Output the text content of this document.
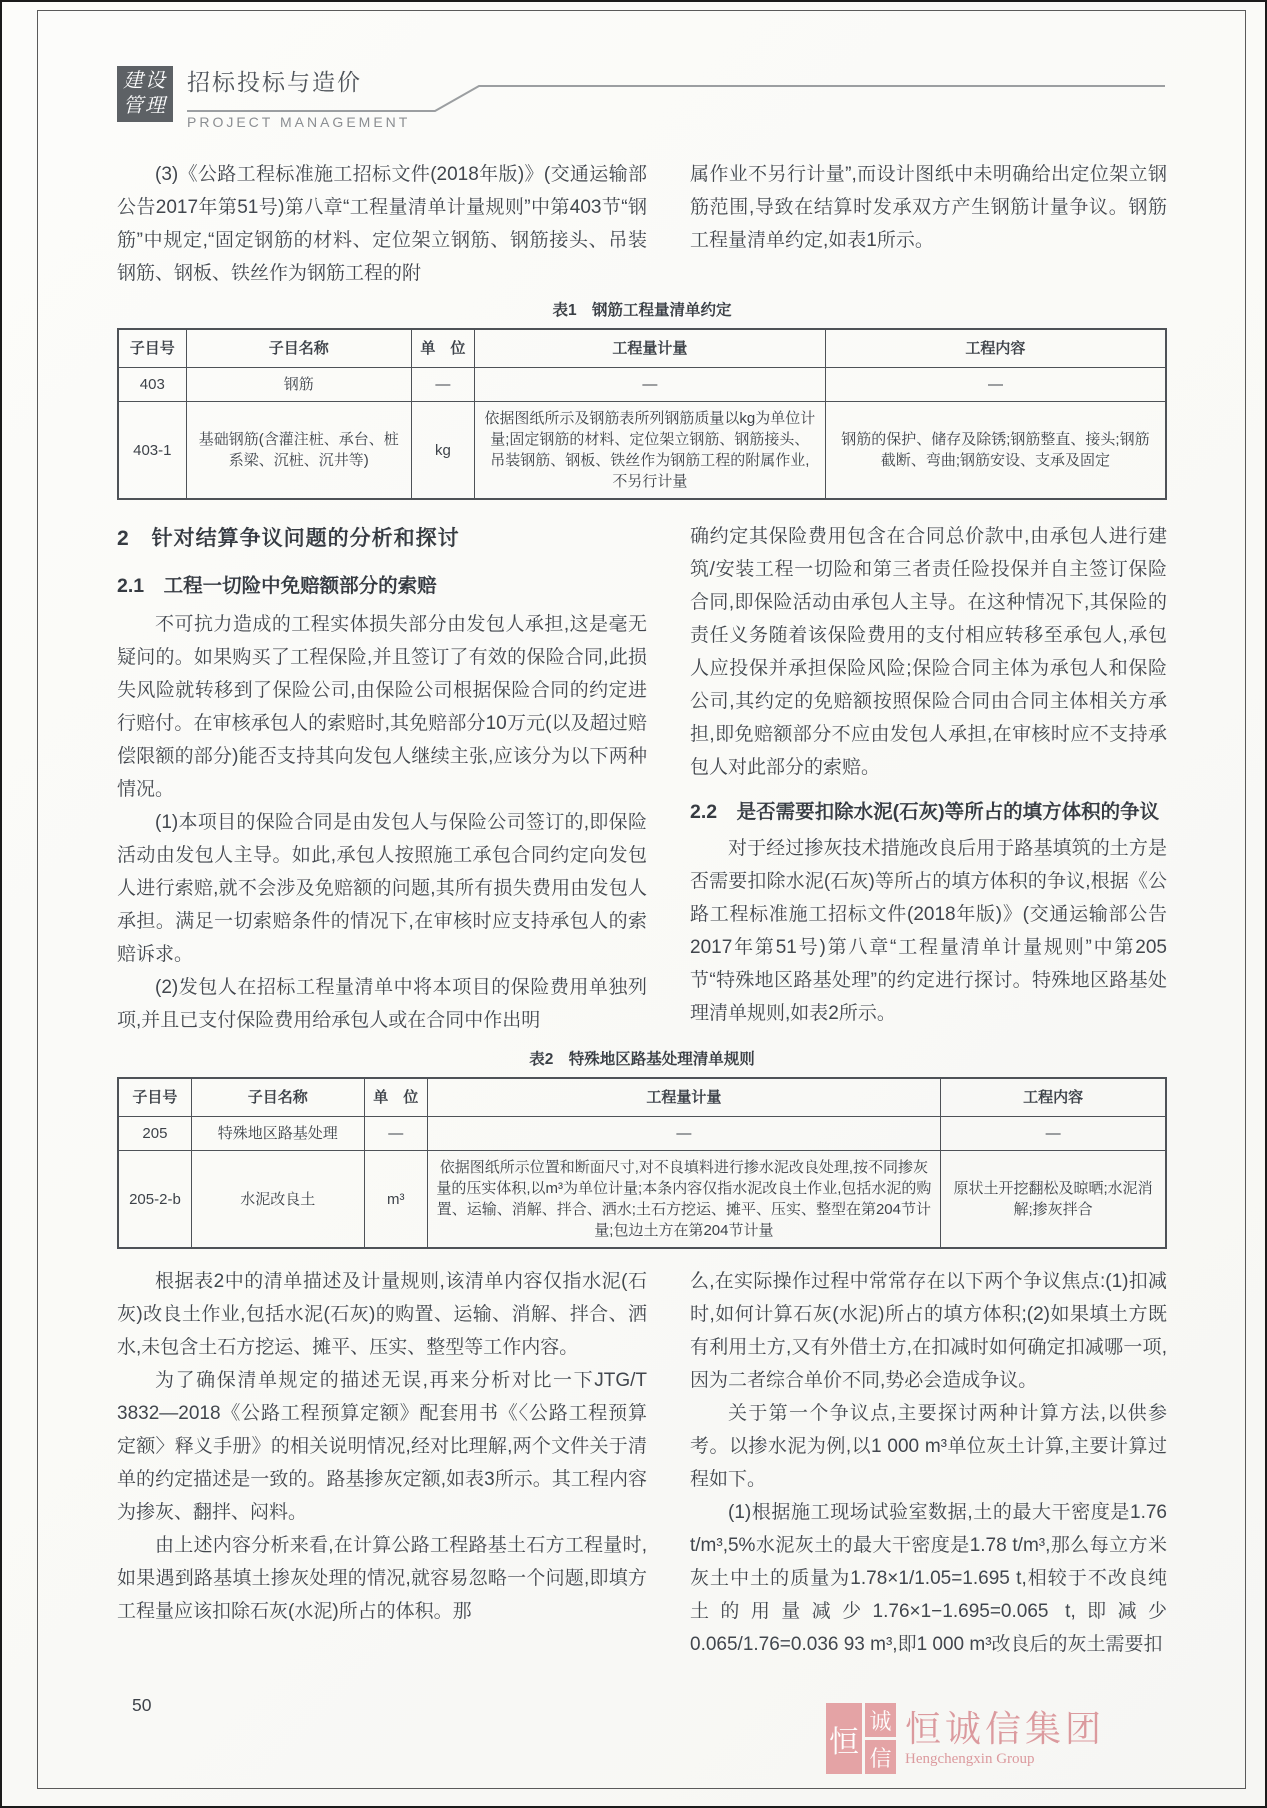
建设
管理
招标投标与造价
PROJECT MANAGEMENT

(3)《公路工程标准施工招标文件(2018年版)》(交通运输部公告2017年第51号)第八章“工程量清单计量规则”中第403节“钢筋”中规定,“固定钢筋的材料、定位架立钢筋、钢筋接头、吊装钢筋、钢板、铁丝作为钢筋工程的附

属作业不另行计量”,而设计图纸中未明确给出定位架立钢筋范围,导致在结算时发承双方产生钢筋计量争议。钢筋工程量清单约定,如表1所示。

表1　钢筋工程量清单约定
子目号	子目名称	单　位	工程量计量	工程内容
403	钢筋	—	—	—
403-1	基础钢筋(含灌注桩、承台、桩系梁、沉桩、沉井等)	kg	依据图纸所示及钢筋表所列钢筋质量以kg为单位计量;固定钢筋的材料、定位架立钢筋、钢筋接头、吊装钢筋、钢板、铁丝作为钢筋工程的附属作业,不另行计量	钢筋的保护、储存及除锈;钢筋整直、接头;钢筋截断、弯曲;钢筋安设、支承及固定
2　针对结算争议问题的分析和探讨
2.1　工程一切险中免赔额部分的索赔

不可抗力造成的工程实体损失部分由发包人承担,这是毫无疑问的。如果购买了工程保险,并且签订了有效的保险合同,此损失风险就转移到了保险公司,由保险公司根据保险合同的约定进行赔付。在审核承包人的索赔时,其免赔部分10万元(以及超过赔偿限额的部分)能否支持其向发包人继续主张,应该分为以下两种情况。

(1)本项目的保险合同是由发包人与保险公司签订的,即保险活动由发包人主导。如此,承包人按照施工承包合同约定向发包人进行索赔,就不会涉及免赔额的问题,其所有损失费用由发包人承担。满足一切索赔条件的情况下,在审核时应支持承包人的索赔诉求。

(2)发包人在招标工程量清单中将本项目的保险费用单独列项,并且已支付保险费用给承包人或在合同中作出明

确约定其保险费用包含在合同总价款中,由承包人进行建筑/安装工程一切险和第三者责任险投保并自主签订保险合同,即保险活动由承包人主导。在这种情况下,其保险的责任义务随着该保险费用的支付相应转移至承包人,承包人应投保并承担保险风险;保险合同主体为承包人和保险公司,其约定的免赔额按照保险合同由合同主体相关方承担,即免赔额部分不应由发包人承担,在审核时应不支持承包人对此部分的索赔。

2.2　是否需要扣除水泥(石灰)等所占的填方体积的争议

对于经过掺灰技术措施改良后用于路基填筑的土方是否需要扣除水泥(石灰)等所占的填方体积的争议,根据《公路工程标准施工招标文件(2018年版)》(交通运输部公告2017年第51号)第八章“工程量清单计量规则”中第205节“特殊地区路基处理”的约定进行探讨。特殊地区路基处理清单规则,如表2所示。

表2　特殊地区路基处理清单规则
子目号	子目名称	单　位	工程量计量	工程内容
205	特殊地区路基处理	—	—	—
205-2-b	水泥改良土	m³	依据图纸所示位置和断面尺寸,对不良填料进行掺水泥改良处理,按不同掺灰量的压实体积,以m³为单位计量;本条内容仅指水泥改良土作业,包括水泥的购置、运输、消解、拌合、洒水;土石方挖运、摊平、压实、整型在第204节计量;包边土方在第204节计量	原状土开挖翻松及晾晒;水泥消解;掺灰拌合

根据表2中的清单描述及计量规则,该清单内容仅指水泥(石灰)改良土作业,包括水泥(石灰)的购置、运输、消解、拌合、洒水,未包含土石方挖运、摊平、压实、整型等工作内容。

为了确保清单规定的描述无误,再来分析对比一下JTG/T 3832—2018《公路工程预算定额》配套用书《〈公路工程预算定额〉释义手册》的相关说明情况,经对比理解,两个文件关于清单的约定描述是一致的。路基掺灰定额,如表3所示。其工程内容为掺灰、翻拌、闷料。

由上述内容分析来看,在计算公路工程路基土石方工程量时,如果遇到路基填土掺灰处理的情况,就容易忽略一个问题,即填方工程量应该扣除石灰(水泥)所占的体积。那

么,在实际操作过程中常常存在以下两个争议焦点:(1)扣减时,如何计算石灰(水泥)所占的填方体积;(2)如果填土方既有利用土方,又有外借土方,在扣减时如何确定扣减哪一项,因为二者综合单价不同,势必会造成争议。

关于第一个争议点,主要探讨两种计算方法,以供参考。以掺水泥为例,以1 000 m³单位灰土计算,主要计算过程如下。

(1)根据施工现场试验室数据,土的最大干密度是1.76 t/m³,5%水泥灰土的最大干密度是1.78 t/m³,那么每立方米灰土中土的质量为1.78×1/1.05=1.695 t,相较于不改良纯土的用量减少1.76×1−1.695=0.065 t,即减少0.065/1.76=0.036 93 m³,即1 000 m³改良后的灰土需要扣

50
恒
诚
信
恒诚信集团
Hengchengxin Group
